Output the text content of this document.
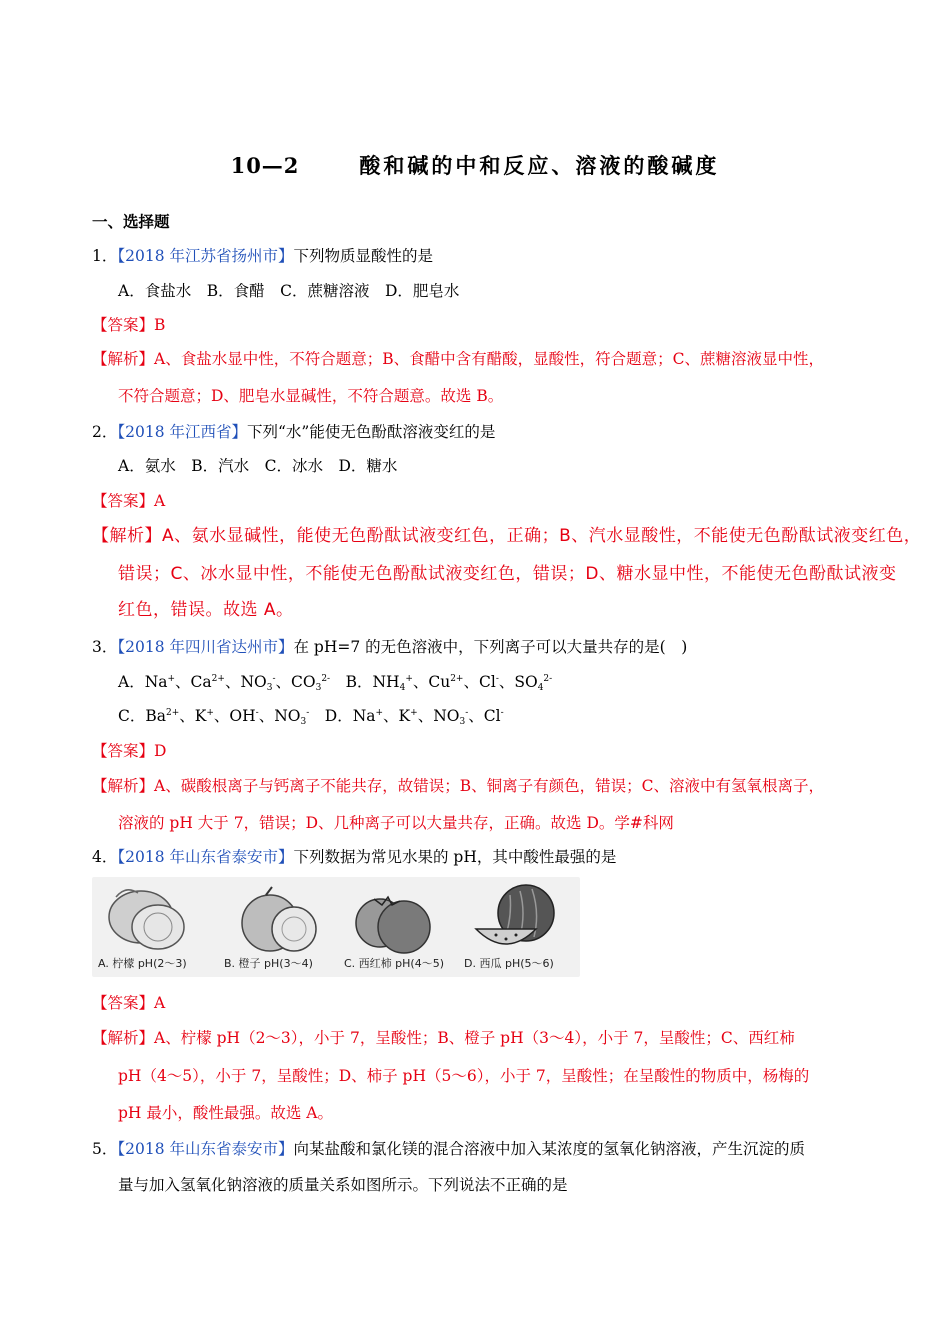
10—2	酸和碱的中和反应、溶液的酸碱度
一、选择题
1．【2018 年江苏省扬州市】下列物质显酸性的是
A．食盐水　B．食醋　C．蔗糖溶液　D．肥皂水
【答案】B
【解析】A、食盐水显中性，不符合题意；B、食醋中含有醋酸，显酸性，符合题意；C、蔗糖溶液显中性，
不符合题意；D、肥皂水显碱性，不符合题意。故选 B。
2．【2018 年江西省】下列“水”能使无色酚酞溶液变红的是
A．氨水　B．汽水　C．冰水　D．糖水
【答案】A
【解析】A、氨水显碱性，能使无色酚酞试液变红色，正确；B、汽水显酸性，不能使无色酚酞试液变红色，
错误；C、冰水显中性，不能使无色酚酞试液变红色，错误；D、糖水显中性，不能使无色酚酞试液变
红色，错误。故选 A。
3．【2018 年四川省达州市】在 pH=7 的无色溶液中，下列离子可以大量共存的是(　)
A．Na+、$Ca^{2+}$、$NO_3^-$、$CO_3^{2-}$　B．$NH_4^+$、$Cu^{2+}$、Cl-、$SO_4^{2-}$
C．$Ba^{2+}$、K+、OH-、$NO_3^-$　D．Na+、K+、$NO_3^-$、Cl-
【答案】D
【解析】A、碳酸根离子与钙离子不能共存，故错误；B、铜离子有颜色，错误；C、溶液中有氢氧根离子，
溶液的 pH 大于 7，错误；D、几种离子可以大量共存，正确。故选 D。学#科网
4．【2018 年山东省泰安市】下列数据为常见水果的 pH，其中酸性最强的是
A. 柠檬 pH(2～3)	B. 橙子 pH(3～4)	C. 西红柿 pH(4～5) D. 西瓜 pH(5～6)
【答案】A
【解析】A、柠檬 pH（2～3），小于 7，呈酸性；B、橙子 pH（3～4），小于 7，呈酸性；C、西红柿
pH（4～5），小于 7，呈酸性；D、柿子 pH（5～6），小于 7，呈酸性；在呈酸性的物质中，杨梅的
pH 最小，酸性最强。故选 A。
5．【2018 年山东省泰安市】向某盐酸和氯化镁的混合溶液中加入某浓度的氢氧化钠溶液，产生沉淀的质
量与加入氢氧化钠溶液的质量关系如图所示。下列说法不正确的是
